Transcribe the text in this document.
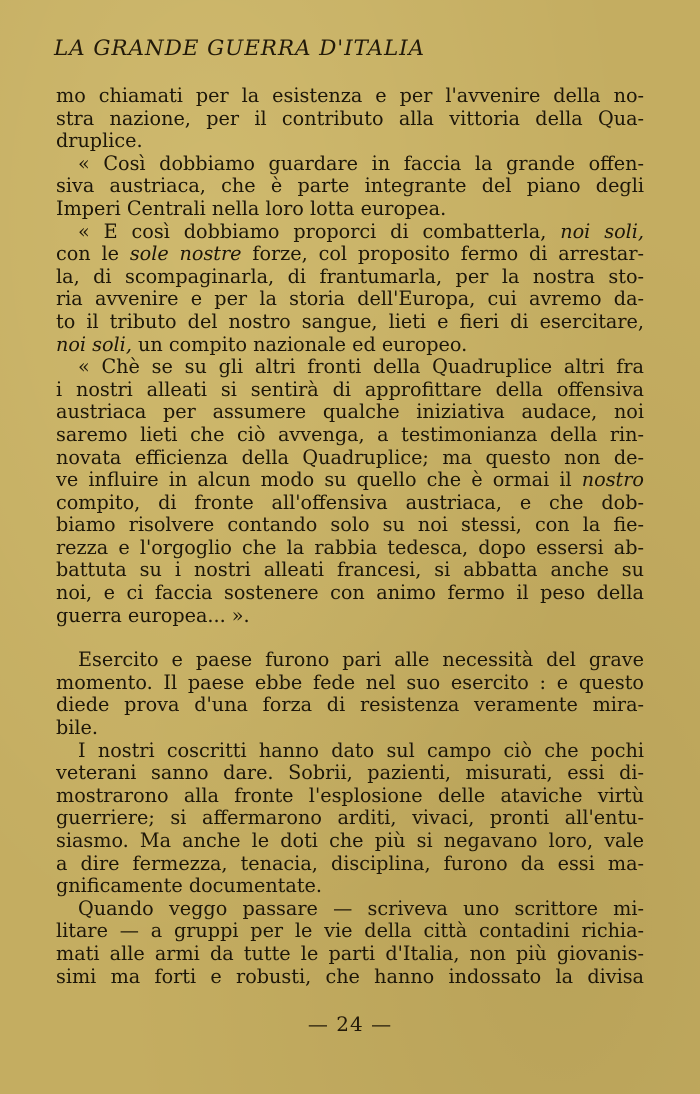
LA GRANDE GUERRA D'ITALIA
mo chiamati per la esistenza e per l'avvenire della no-
stra nazione, per il contributo alla vittoria della Qua-
druplice.
« Così dobbiamo guardare in faccia la grande offen-
siva austriaca, che è parte integrante del piano degli
Imperi Centrali nella loro lotta europea.
« E così dobbiamo proporci di combatterla, noi soli,
con le sole nostre forze, col proposito fermo di arrestar-
la, di scompaginarla, di frantumarla, per la nostra sto-
ria avvenire e per la storia dell'Europa, cui avremo da-
to il tributo del nostro sangue, lieti e fieri di esercitare,
noi soli, un compito nazionale ed europeo.
« Chè se su gli altri fronti della Quadruplice altri fra
i nostri alleati si sentirà di approfittare della offensiva
austriaca per assumere qualche iniziativa audace, noi
saremo lieti che ciò avvenga, a testimonianza della rin-
novata efficienza della Quadruplice; ma questo non de-
ve influire in alcun modo su quello che è ormai il nostro
compito, di fronte all'offensiva austriaca, e che dob-
biamo risolvere contando solo su noi stessi, con la fie-
rezza e l'orgoglio che la rabbia tedesca, dopo essersi ab-
battuta su i nostri alleati francesi, si abbatta anche su
noi, e ci faccia sostenere con animo fermo il peso della
guerra europea... ».
Esercito e paese furono pari alle necessità del grave
momento. Il paese ebbe fede nel suo esercito : e questo
diede prova d'una forza di resistenza veramente mira-
bile.
I nostri coscritti hanno dato sul campo ciò che pochi
veterani sanno dare. Sobrii, pazienti, misurati, essi di-
mostrarono alla fronte l'esplosione delle ataviche virtù
guerriere; si affermarono arditi, vivaci, pronti all'entu-
siasmo. Ma anche le doti che più si negavano loro, vale
a dire fermezza, tenacia, disciplina, furono da essi ma-
gnificamente documentate.
Quando veggo passare — scriveva uno scrittore mi-
litare — a gruppi per le vie della città contadini richia-
mati alle armi da tutte le parti d'Italia, non più giovanis-
simi ma forti e robusti, che hanno indossato la divisa
— 24 —
